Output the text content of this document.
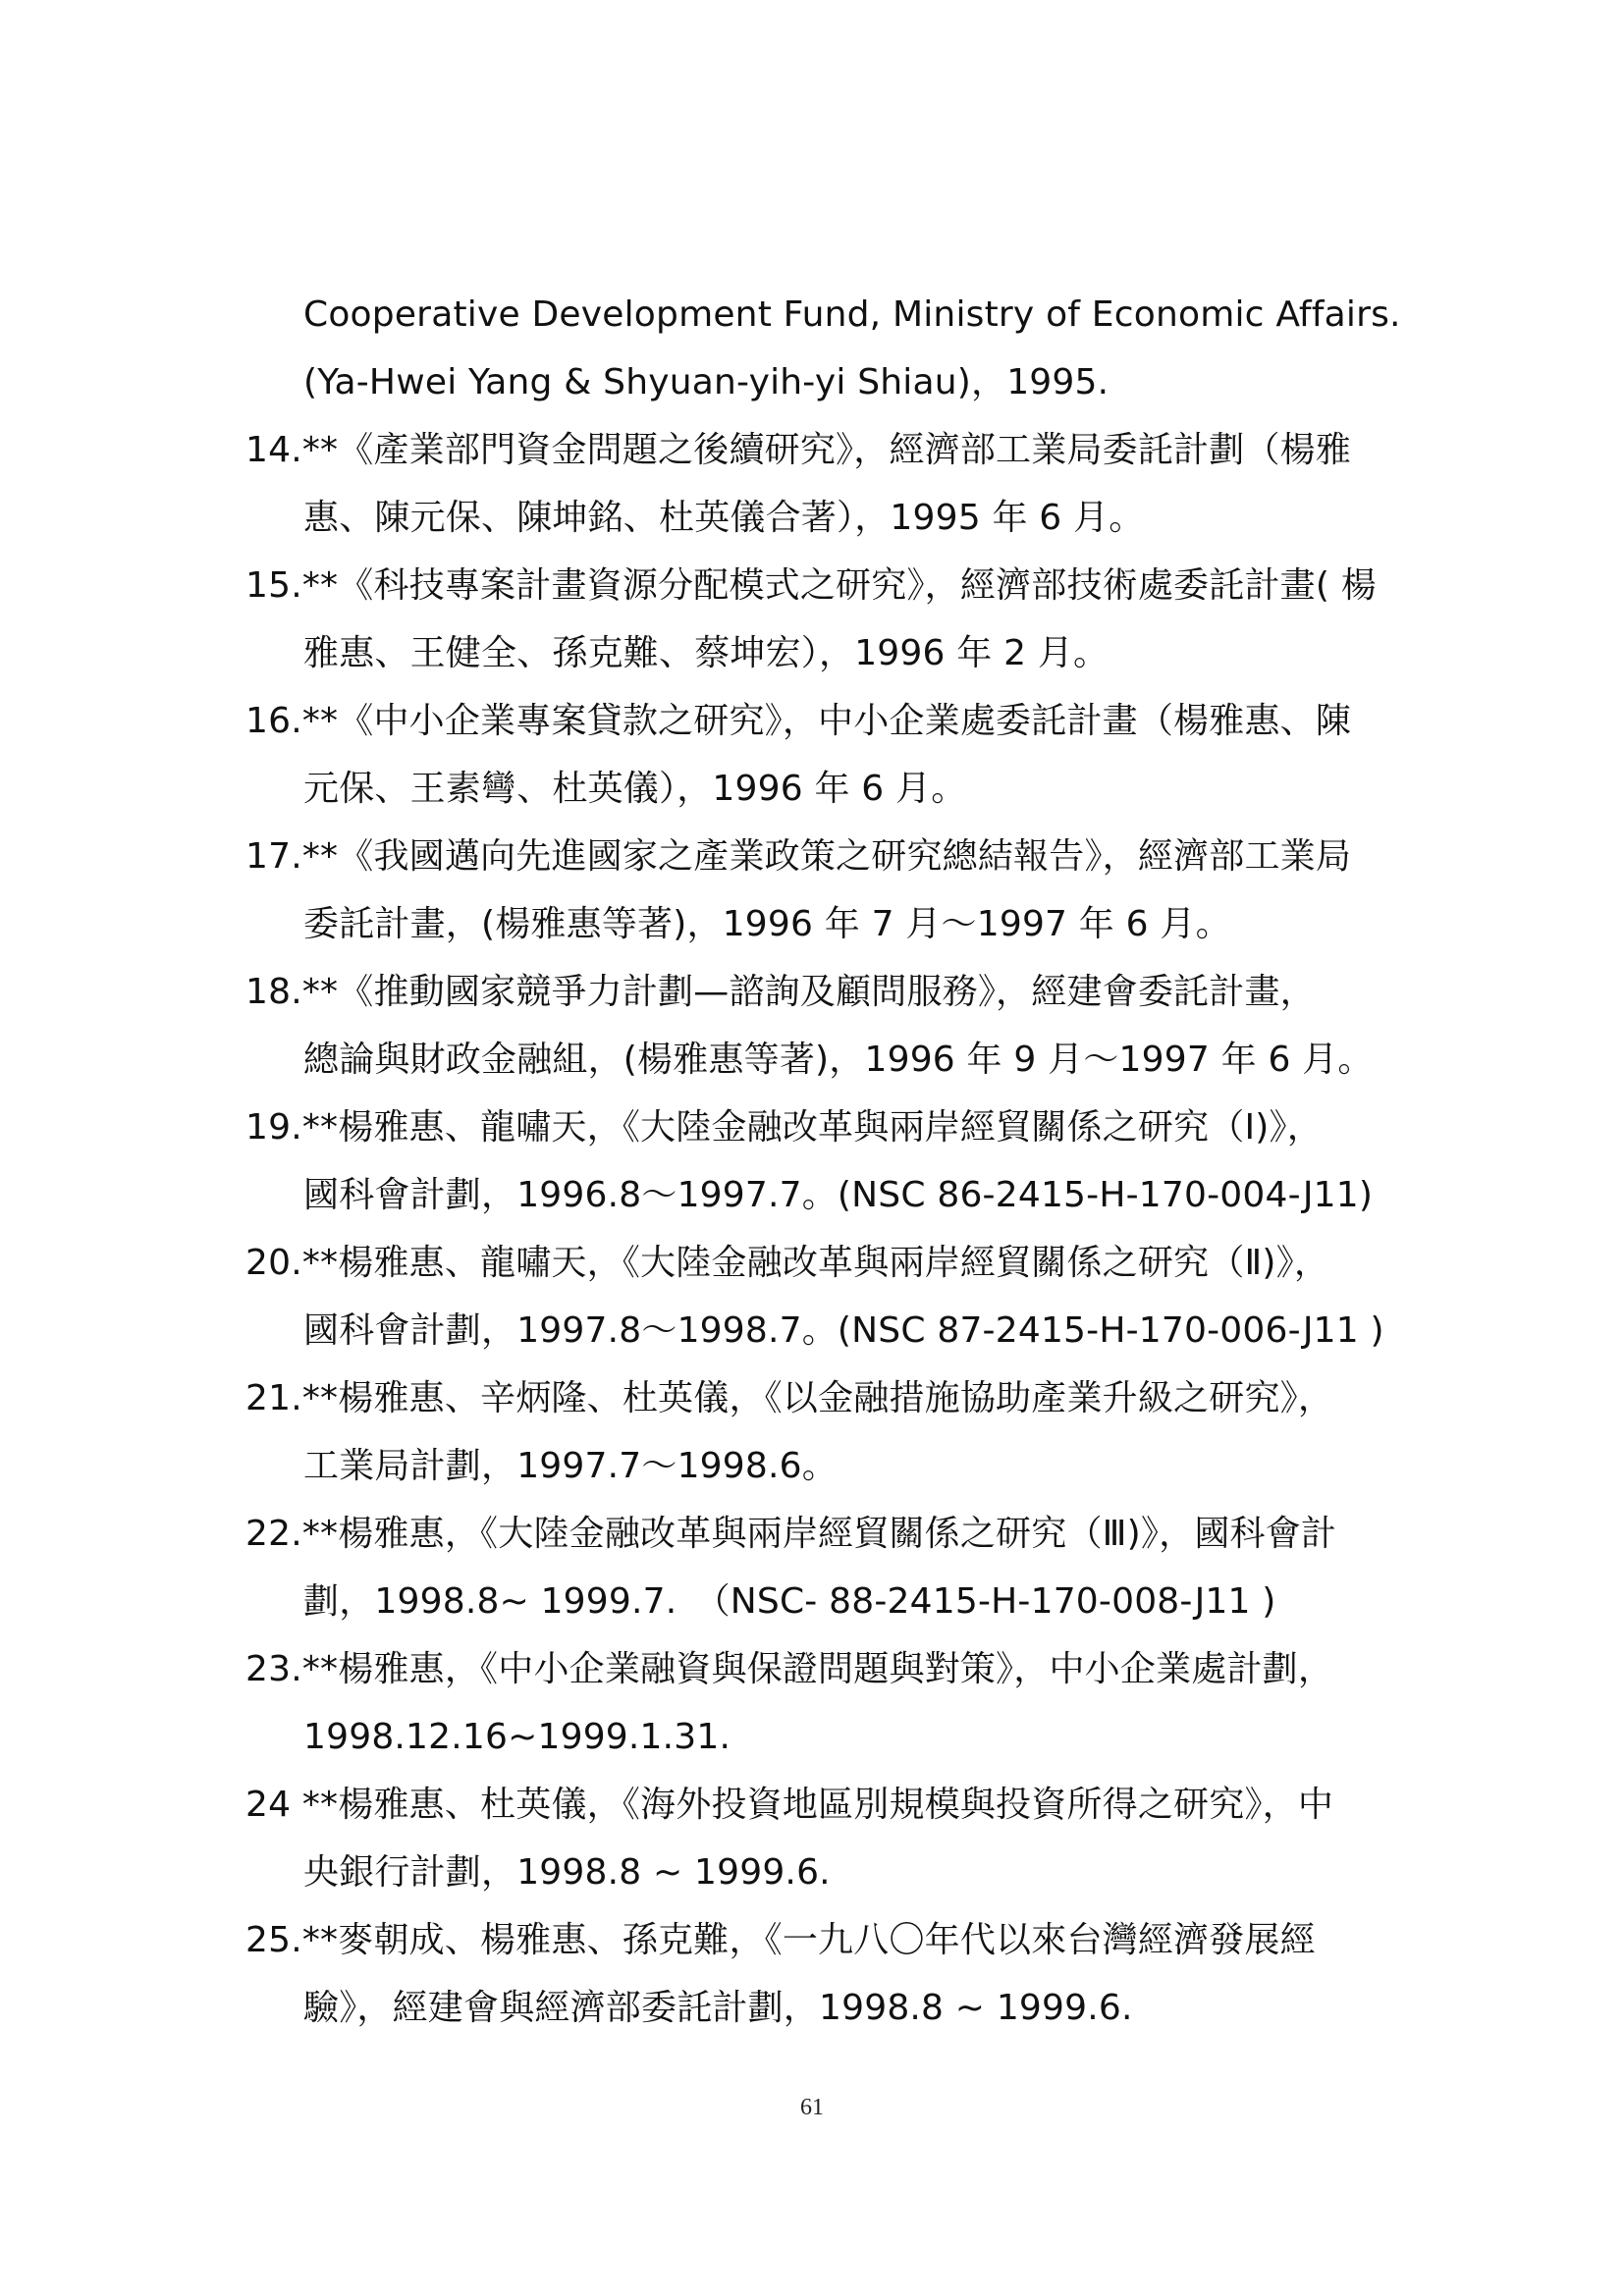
Cooperative Development Fund, Ministry of Economic Affairs.
(Ya-Hwei Yang & Shyuan-yih-yi Shiau)，1995.
14.**《產業部門資金問題之後續研究》，經濟部工業局委託計劃（楊雅
惠、陳元保、陳坤銘、杜英儀合著），1995 年 6 月。
15.**《科技專案計畫資源分配模式之研究》，經濟部技術處委託計畫( 楊
雅惠、王健全、孫克難、蔡坤宏），1996 年 2 月。
16.**《中小企業專案貸款之研究》，中小企業處委託計畫（楊雅惠、陳
元保、王素彎、杜英儀），1996 年 6 月。
17.**《我國邁向先進國家之產業政策之研究總結報告》，經濟部工業局
委託計畫，(楊雅惠等著)，1996 年 7 月～1997 年 6 月。
18.**《推動國家競爭力計劃—諮詢及顧問服務》，經建會委託計畫，
總論與財政金融組，(楊雅惠等著)，1996 年 9 月～1997 年 6 月。
19.**楊雅惠、龍嘯天，《大陸金融改革與兩岸經貿關係之研究（Ⅰ)》，
國科會計劃，1996.8～1997.7。(NSC 86-2415-H-170-004-J11)
20.**楊雅惠、龍嘯天，《大陸金融改革與兩岸經貿關係之研究（Ⅱ)》，
國科會計劃，1997.8～1998.7。(NSC 87-2415-H-170-006-J11 )
21.**楊雅惠、辛炳隆、杜英儀，《以金融措施協助產業升級之研究》，
工業局計劃，1997.7～1998.6。
22.**楊雅惠，《大陸金融改革與兩岸經貿關係之研究（Ⅲ)》，國科會計
劃，1998.8~ 1999.7.　（NSC- 88-2415-H-170-008-J11 )
23.**楊雅惠，《中小企業融資與保證問題與對策》，中小企業處計劃，
1998.12.16~1999.1.31.
24 **楊雅惠、杜英儀，《海外投資地區別規模與投資所得之研究》，中
央銀行計劃，1998.8 ~ 1999.6.
25.**麥朝成、楊雅惠、孫克難，《一九八〇年代以來台灣經濟發展經
驗》，經建會與經濟部委託計劃，1998.8 ~ 1999.6.
61
